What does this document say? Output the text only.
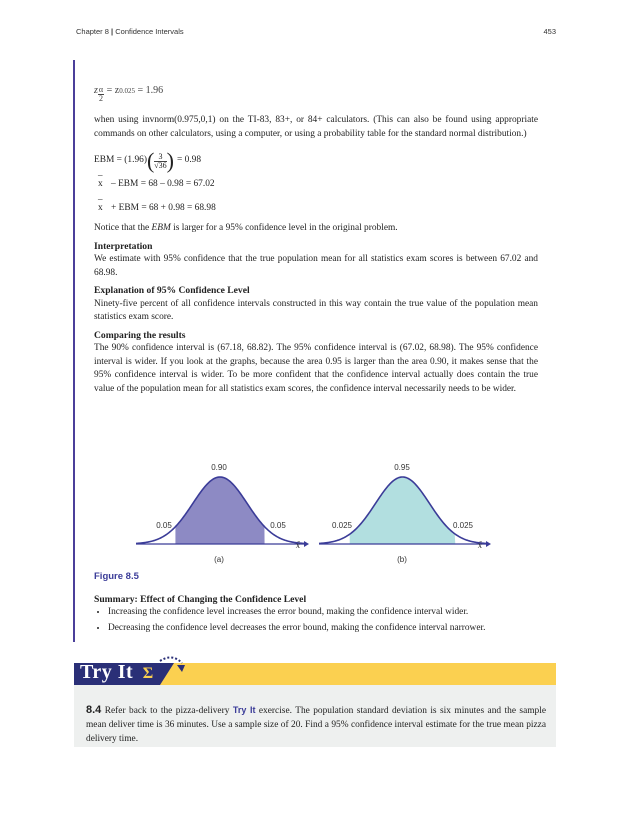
Chapter 8 | Confidence Intervals	453
z $\frac{\alpha}{2} = z0.025 = 1.96$

when using invnorm(0.975,0,1) on the TI-83, 83+, or 84+ calculators. (This can also be found using appropriate commands on other calculators, using a computer, or using a probability table for the standard normal distribution.)

EBM = (1.96) ( $\frac{3}{√36}$ ) = 0.98
_ x – EBM = 68 – 0.98 = 67.02
_ x + EBM = 68 + 0.98 = 68.98

Notice that the EBM is larger for a 95% confidence level in the original problem.

Interpretation

We estimate with 95% confidence that the true population mean for all statistics exam scores is between 67.02 and 68.98.

Explanation of 95% Confidence Level

Ninety-five percent of all confidence intervals constructed in this way contain the true value of the population mean statistics exam score.

Comparing the results

The 90% confidence interval is (67.18, 68.82). The 95% confidence interval is (67.02, 68.98). The 95% confidence interval is wider. If you look at the graphs, because the area 0.95 is larger than the area 0.90, it makes sense that the 95% confidence interval is wider. To be more confident that the confidence interval actually does contain the true value of the population mean for all statistics exam scores, the confidence interval necessarily needs to be wider.

0.90
0.05	0.05
x̄
(a)
0.95
0.025	0.025
x̄
(b)
Figure 8.5
Summary: Effect of Changing the Confidence Level
• Increasing the confidence level increases the error bound, making the confidence interval wider.
• Decreasing the confidence level decreases the error bound, making the confidence interval narrower.
Try It Σ

8.4 Refer back to the pizza-delivery Try It exercise. The population standard deviation is six minutes and the sample mean deliver time is 36 minutes. Use a sample size of 20. Find a 95% confidence interval estimate for the true mean pizza delivery time.
